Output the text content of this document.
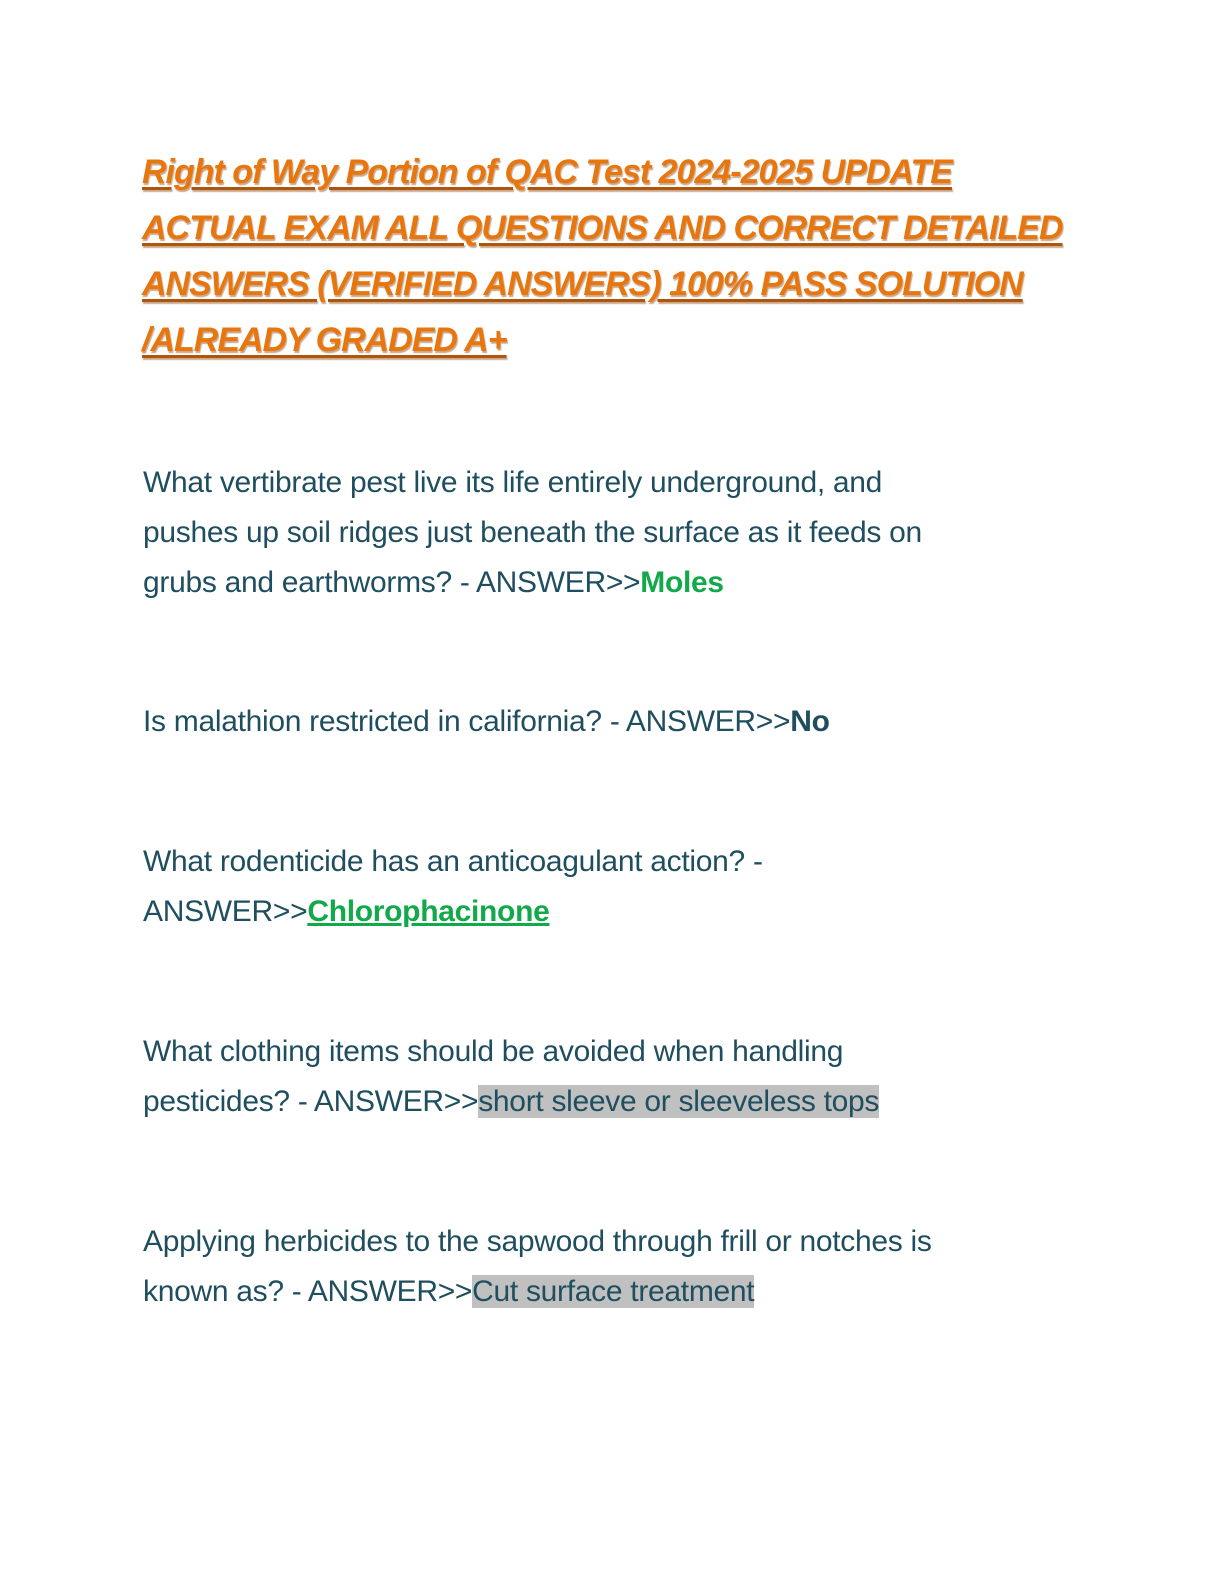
Right of Way Portion of QAC Test 2024-2025 UPDATE
ACTUAL EXAM ALL QUESTIONS AND CORRECT DETAILED
ANSWERS (VERIFIED ANSWERS) 100% PASS SOLUTION
/ALREADY GRADED A+
What vertibrate pest live its life entirely underground, and
pushes up soil ridges just beneath the surface as it feeds on
grubs and earthworms? - ANSWER>>Moles
Is malathion restricted in california? - ANSWER>>No
What rodenticide has an anticoagulant action? -
ANSWER>>Chlorophacinone
What clothing items should be avoided when handling
pesticides? - ANSWER>>short sleeve or sleeveless tops
Applying herbicides to the sapwood through frill or notches is
known as? - ANSWER>>Cut surface treatment
